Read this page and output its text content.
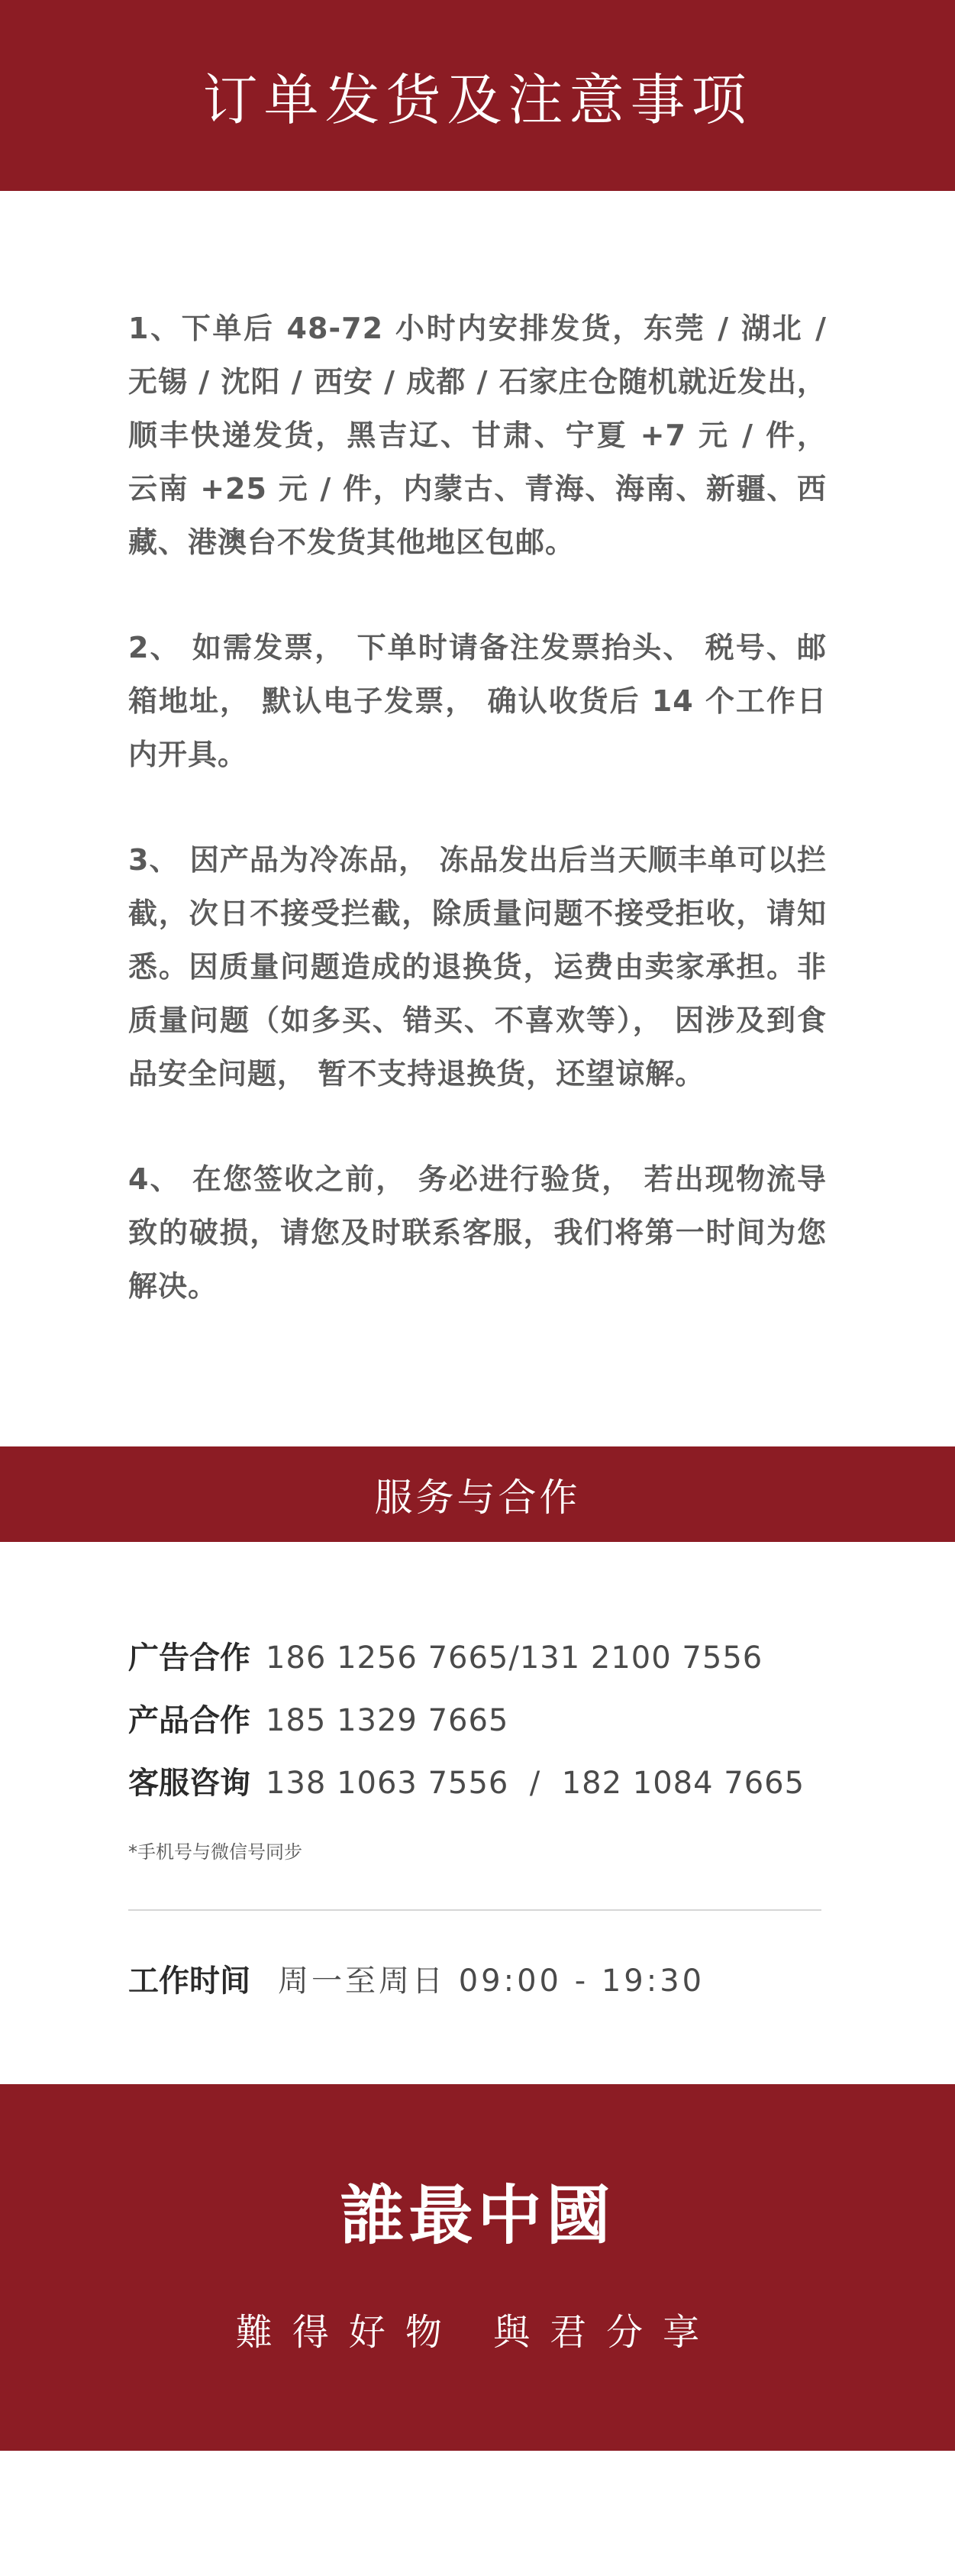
订单发货及注意事项

1、下单后 48-72 小时内安排发货，东莞 / 湖北 / 无锡 / 沈阳 / 西安 / 成都 / 石家庄仓随机就近发出，顺丰快递发货，黑吉辽、甘肃、宁夏 +7 元 / 件， 云南 +25 元 / 件，内蒙古、青海、海南、新疆、西藏、港澳台不发货其他地区包邮。

2、 如需发票， 下单时请备注发票抬头、 税号、邮箱地址， 默认电子发票， 确认收货后 14 个工作日内开具。

3、 因产品为冷冻品， 冻品发出后当天顺丰单可以拦截，次日不接受拦截，除质量问题不接受拒收，请知悉。因质量问题造成的退换货，运费由卖家承担。非质量问题（如多买、错买、不喜欢等）， 因涉及到食品安全问题， 暂不支持退换货，还望谅解。

4、 在您签收之前， 务必进行验货， 若出现物流导致的破损，请您及时联系客服，我们将第一时间为您解决。

服务与合作
广告合作 186 1256 7665/131 2100 7556
产品合作 185 1329 7665
客服咨询 138 1063 7556  /  182 1084 7665
*手机号与微信号同步
工作时间 周一至周日 09:00 - 19:30
誰最中國
難得好物 與君分享
